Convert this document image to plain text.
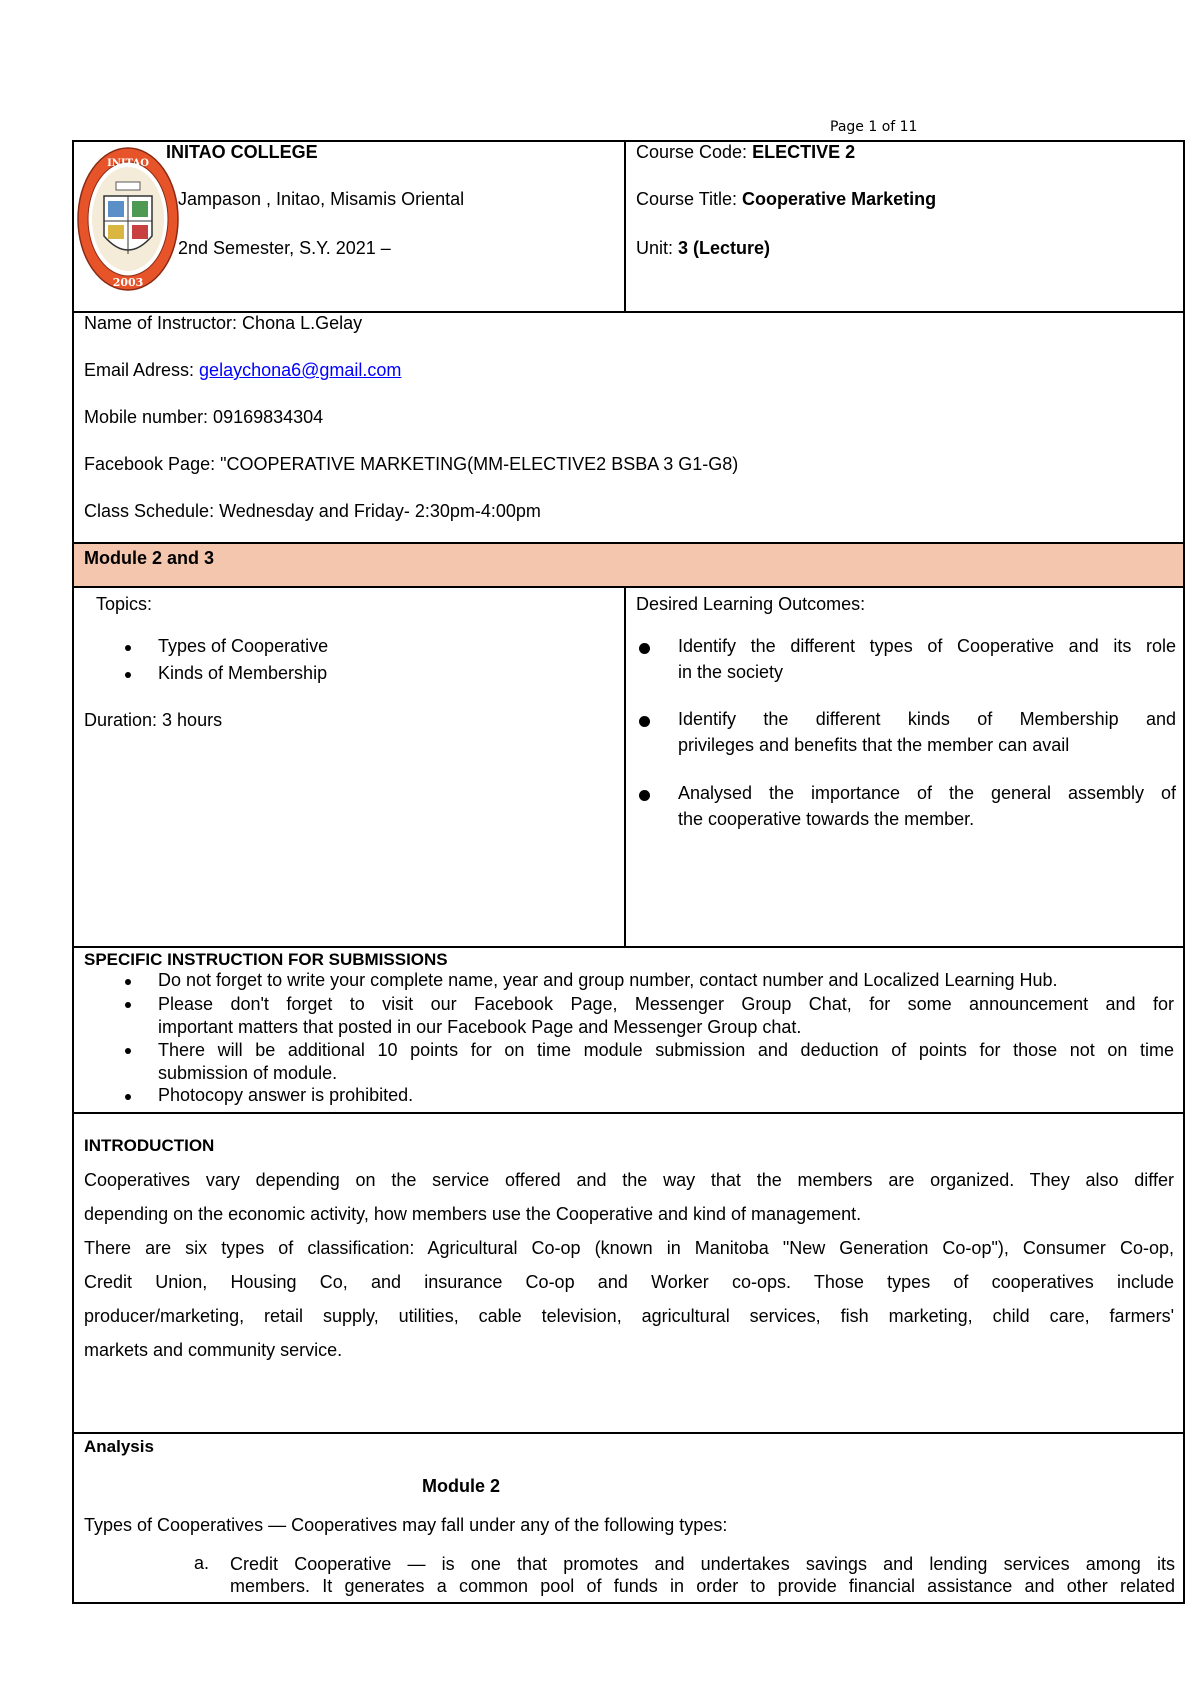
Page 1 of 11
INITAO
2003
INITAO COLLEGE
Jampason , Initao, Misamis Oriental
2nd Semester, S.Y. 2021 –
Course Code: ELECTIVE 2
Course Title: Cooperative Marketing
Unit: 3 (Lecture)

Name of Instructor: Chona L.Gelay

Email Adress: gelaychona6@gmail.com

Mobile number: 09169834304

Facebook Page: "COOPERATIVE MARKETING(MM-ELECTIVE2 BSBA 3 G1-G8)

Class Schedule: Wednesday and Friday- 2:30pm-4:00pm

Module 2 and 3
Topics:
Types of Cooperative
Kinds of Membership
Duration: 3 hours
Desired Learning Outcomes:
Identify the different types of Cooperative and its role
in the society
Identify the different kinds of Membership and
privileges and benefits that the member can avail
Analysed the importance of the general assembly of
the cooperative towards the member.
SPECIFIC INSTRUCTION FOR SUBMISSIONS
Do not forget to write your complete name, year and group number, contact number and Localized Learning Hub.
Please don't forget to visit our Facebook Page, Messenger Group Chat, for some announcement and for
important matters that posted in our Facebook Page and Messenger Group chat.
There will be additional 10 points for on time module submission and deduction of points for those not on time
submission of module.
Photocopy answer is prohibited.
INTRODUCTION
Cooperatives vary depending on the service offered and the way that the members are organized. They also differ
depending on the economic activity, how members use the Cooperative and kind of management.
There are six types of classification: Agricultural Co-op (known in Manitoba "New Generation Co-op"), Consumer Co-op,
Credit Union, Housing Co, and insurance Co-op and Worker co-ops. Those types of cooperatives include
producer/marketing, retail supply, utilities, cable television, agricultural services, fish marketing, child care, farmers'
markets and community service.
Analysis
Module 2
Types of Cooperatives — Cooperatives may fall under any of the following types:
a. Credit Cooperative — is one that promotes and undertakes savings and lending services among its
members. It generates a common pool of funds in order to provide financial assistance and other related
